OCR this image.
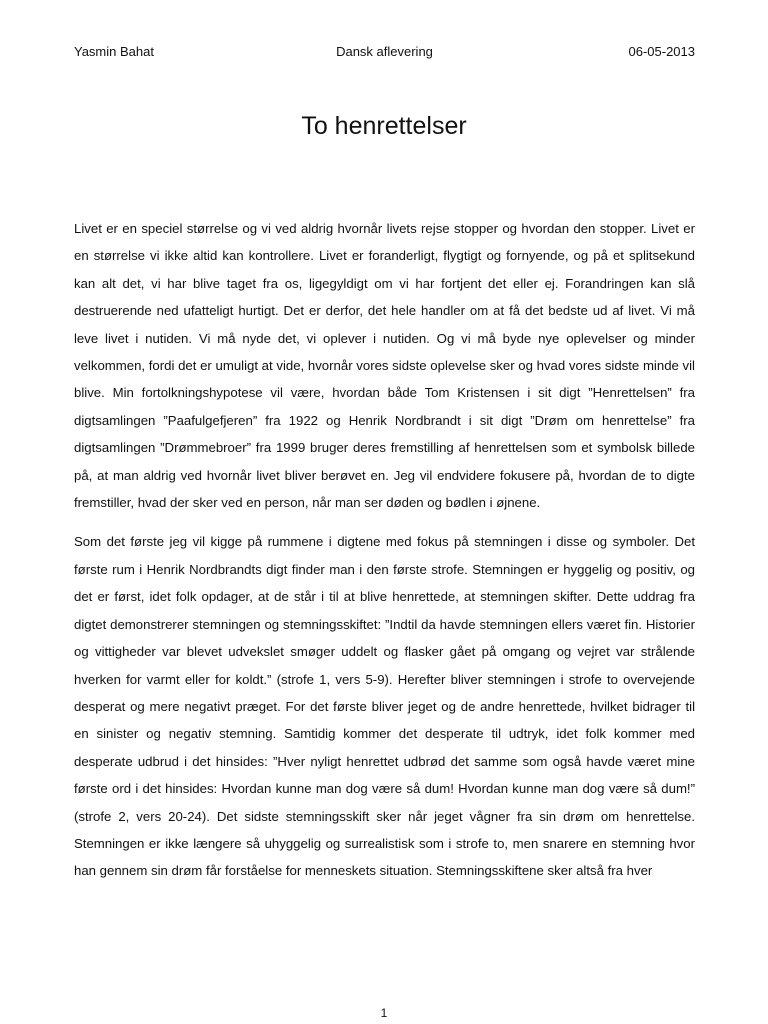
Yasmin Bahat	Dansk aflevering	06-05-2013
To henrettelser

Livet er en speciel størrelse og vi ved aldrig hvornår livets rejse stopper og hvordan den stopper. Livet er en størrelse vi ikke altid kan kontrollere. Livet er foranderligt, flygtigt og fornyende, og på et splitsekund kan alt det, vi har blive taget fra os, ligegyldigt om vi har fortjent det eller ej. Forandringen kan slå destruerende ned ufatteligt hurtigt. Det er derfor, det hele handler om at få det bedste ud af livet. Vi må leve livet i nutiden. Vi må nyde det, vi oplever i nutiden. Og vi må byde nye oplevelser og minder velkommen, fordi det er umuligt at vide, hvornår vores sidste oplevelse sker og hvad vores sidste minde vil blive. Min fortolkningshypotese vil være, hvordan både Tom Kristensen i sit digt ”Henrettelsen” fra digtsamlingen ”Paafulgefjeren” fra 1922 og Henrik Nordbrandt i sit digt ”Drøm om henrettelse” fra digtsamlingen ”Drømmebroer” fra 1999 bruger deres fremstilling af henrettelsen som et symbolsk billede på, at man aldrig ved hvornår livet bliver berøvet en. Jeg vil endvidere fokusere på, hvordan de to digte fremstiller, hvad der sker ved en person, når man ser døden og bødlen i øjnene.

Som det første jeg vil kigge på rummene i digtene med fokus på stemningen i disse og symboler. Det første rum i Henrik Nordbrandts digt finder man i den første strofe. Stemningen er hyggelig og positiv, og det er først, idet folk opdager, at de står i til at blive henrettede, at stemningen skifter. Dette uddrag fra digtet demonstrerer stemningen og stemningsskiftet: ”Indtil da havde stemningen ellers været fin. Historier og vittigheder var blevet udvekslet smøger uddelt og flasker gået på omgang og vejret var strålende hverken for varmt eller for koldt.” (strofe 1, vers 5-9). Herefter bliver stemningen i strofe to overvejende desperat og mere negativt præget. For det første bliver jeget og de andre henrettede, hvilket bidrager til en sinister og negativ stemning. Samtidig kommer det desperate til udtryk, idet folk kommer med desperate udbrud i det hinsides: ”Hver nyligt henrettet udbrød det samme som også havde været mine første ord i det hinsides: Hvordan kunne man dog være så dum! Hvordan kunne man dog være så dum!” (strofe 2, vers 20-24). Det sidste stemningsskift sker når jeget vågner fra sin drøm om henrettelse. Stemningen er ikke længere så uhyggelig og surrealistisk som i strofe to, men snarere en stemning hvor han gennem sin drøm får forståelse for menneskets situation. Stemningsskiftene sker altså fra hver

1
